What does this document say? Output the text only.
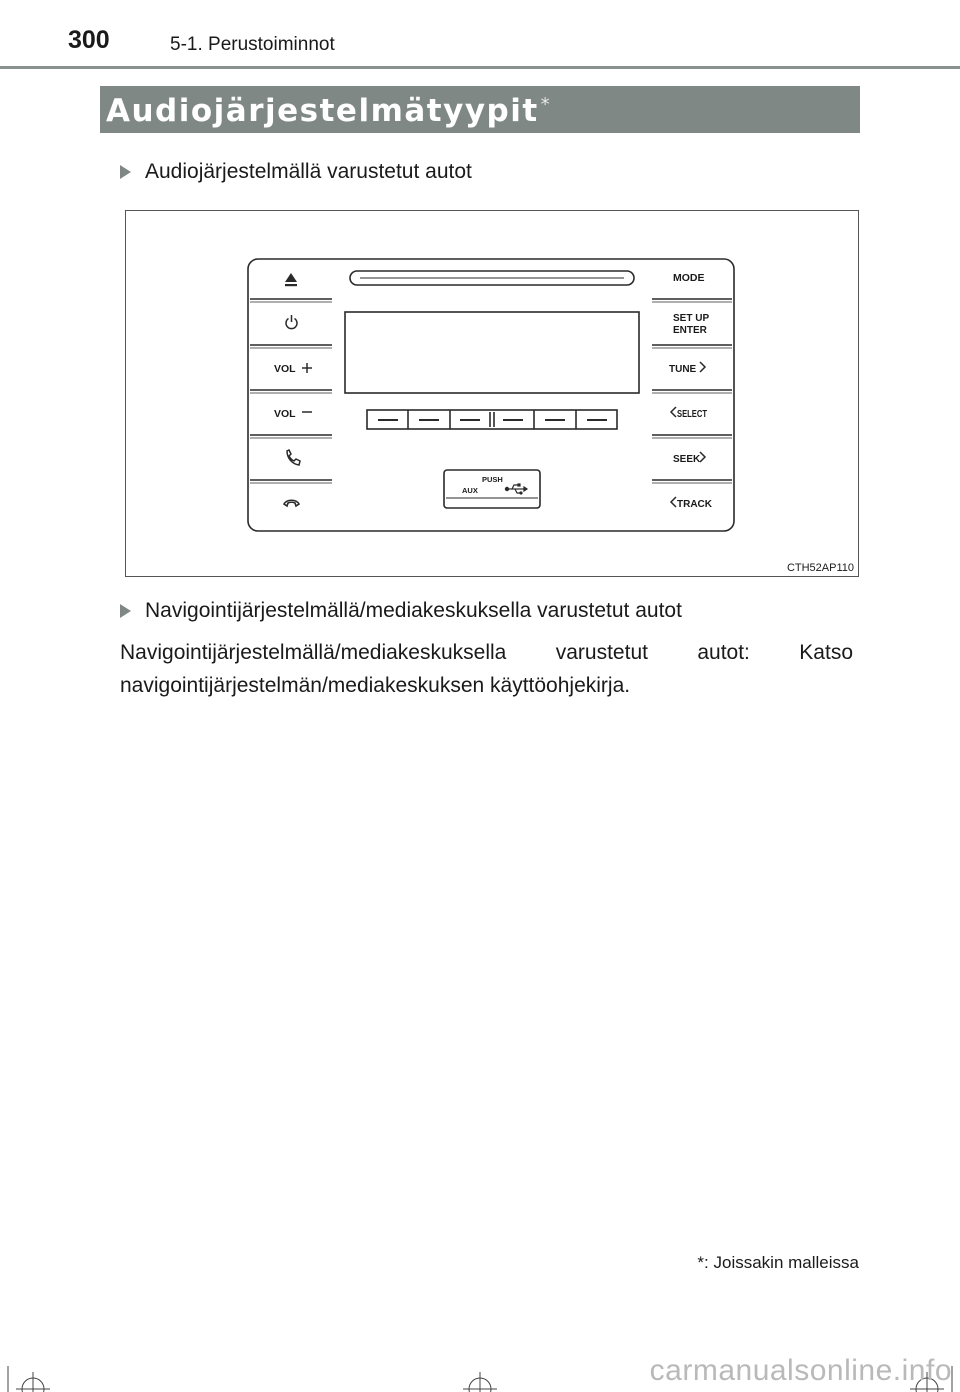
300	5-1. Perustoiminnot
Audiojärjestelmätyypit *
Audiojärjestelmällä varustetut autot
VOL
VOL
MODE
SET UP
ENTER
TUNE
SELECT
SEEK
TRACK
PUSH
AUX
CTH52AP110
Navigointijärjestelmällä/mediakeskuksella varustetut autot
Navigointijärjestelmällä/mediakeskuksella varustetut autot: Katso navigointijärjestelmän/mediakeskuksen käyttöohjekirja.
*: Joissakin malleissa
carmanualsonline.info
